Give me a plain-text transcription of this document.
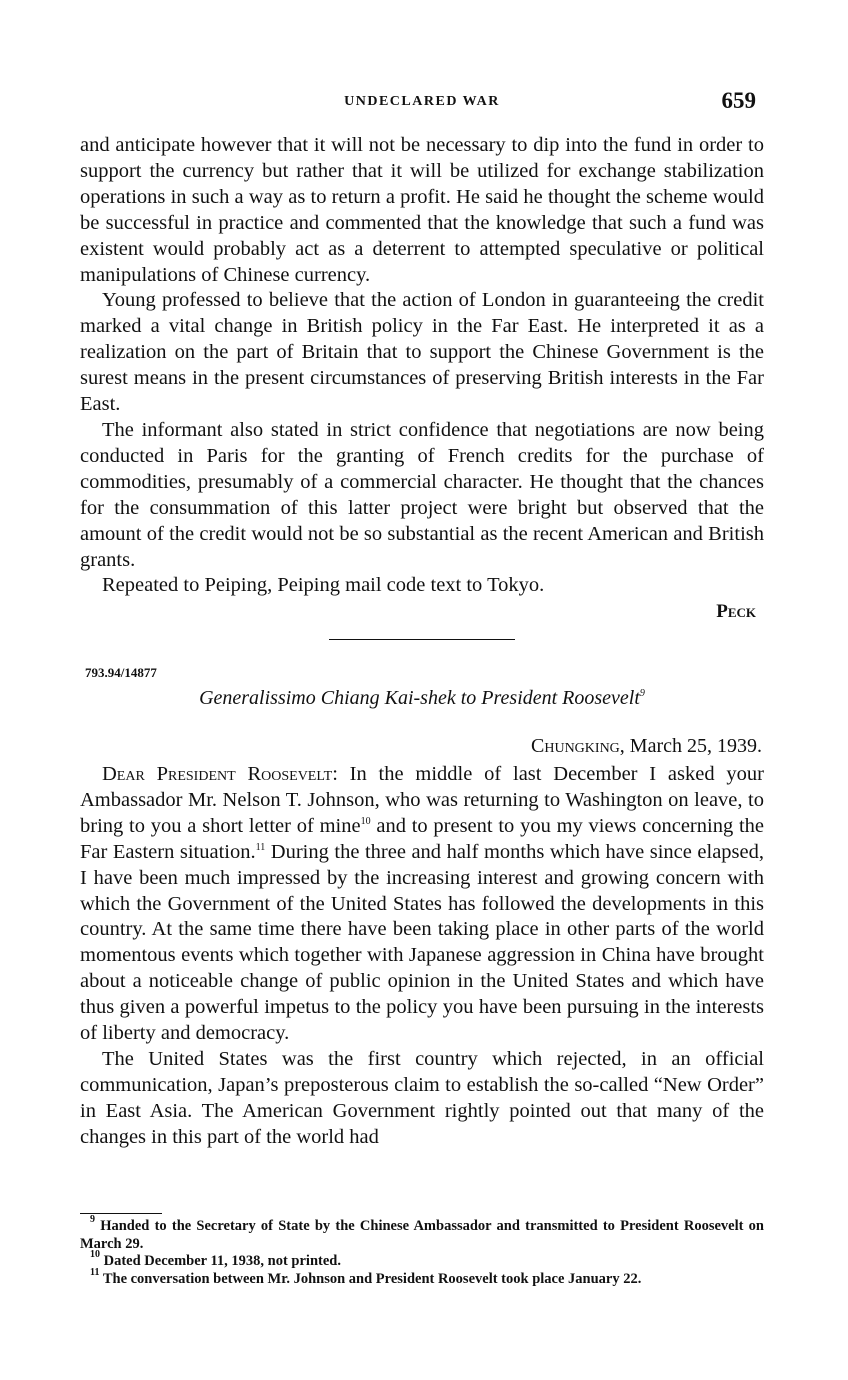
UNDECLARED WAR	659

and anticipate however that it will not be necessary to dip into the fund in order to support the currency but rather that it will be utilized for exchange stabilization operations in such a way as to return a profit. He said he thought the scheme would be successful in practice and commented that the knowledge that such a fund was existent would probably act as a deterrent to attempted speculative or political manipulations of Chinese currency.

Young professed to believe that the action of London in guaranteeing the credit marked a vital change in British policy in the Far East. He interpreted it as a realization on the part of Britain that to support the Chinese Government is the surest means in the present circumstances of preserving British interests in the Far East.

The informant also stated in strict confidence that negotiations are now being conducted in Paris for the granting of French credits for the purchase of commodities, presumably of a commercial character. He thought that the chances for the consummation of this latter project were bright but observed that the amount of the credit would not be so substantial as the recent American and British grants.

Repeated to Peiping, Peiping mail code text to Tokyo.

Peck
793.94/14877
Generalissimo Chiang Kai-shek to President Roosevelt$^9$
Chungking, March 25, 1939.

Dear President Roosevelt: In the middle of last December I asked your Ambassador Mr. Nelson T. Johnson, who was returning to Washington on leave, to bring to you a short letter of mine$^{10}$ and to present to you my views concerning the Far Eastern situation.$^{11}$ During the three and half months which have since elapsed, I have been much impressed by the increasing interest and growing concern with which the Government of the United States has followed the developments in this country. At the same time there have been taking place in other parts of the world momentous events which together with Japanese aggression in China have brought about a noticeable change of public opinion in the United States and which have thus given a powerful impetus to the policy you have been pursuing in the interests of liberty and democracy.

The United States was the first country which rejected, in an official communication, Japan’s preposterous claim to establish the so-called “New Order” in East Asia. The American Government rightly pointed out that many of the changes in this part of the world had

$^9$ Handed to the Secretary of State by the Chinese Ambassador and transmitted to President Roosevelt on March 29.

$^{10}$ Dated December 11, 1938, not printed.

$^{11}$ The conversation between Mr. Johnson and President Roosevelt took place January 22.
